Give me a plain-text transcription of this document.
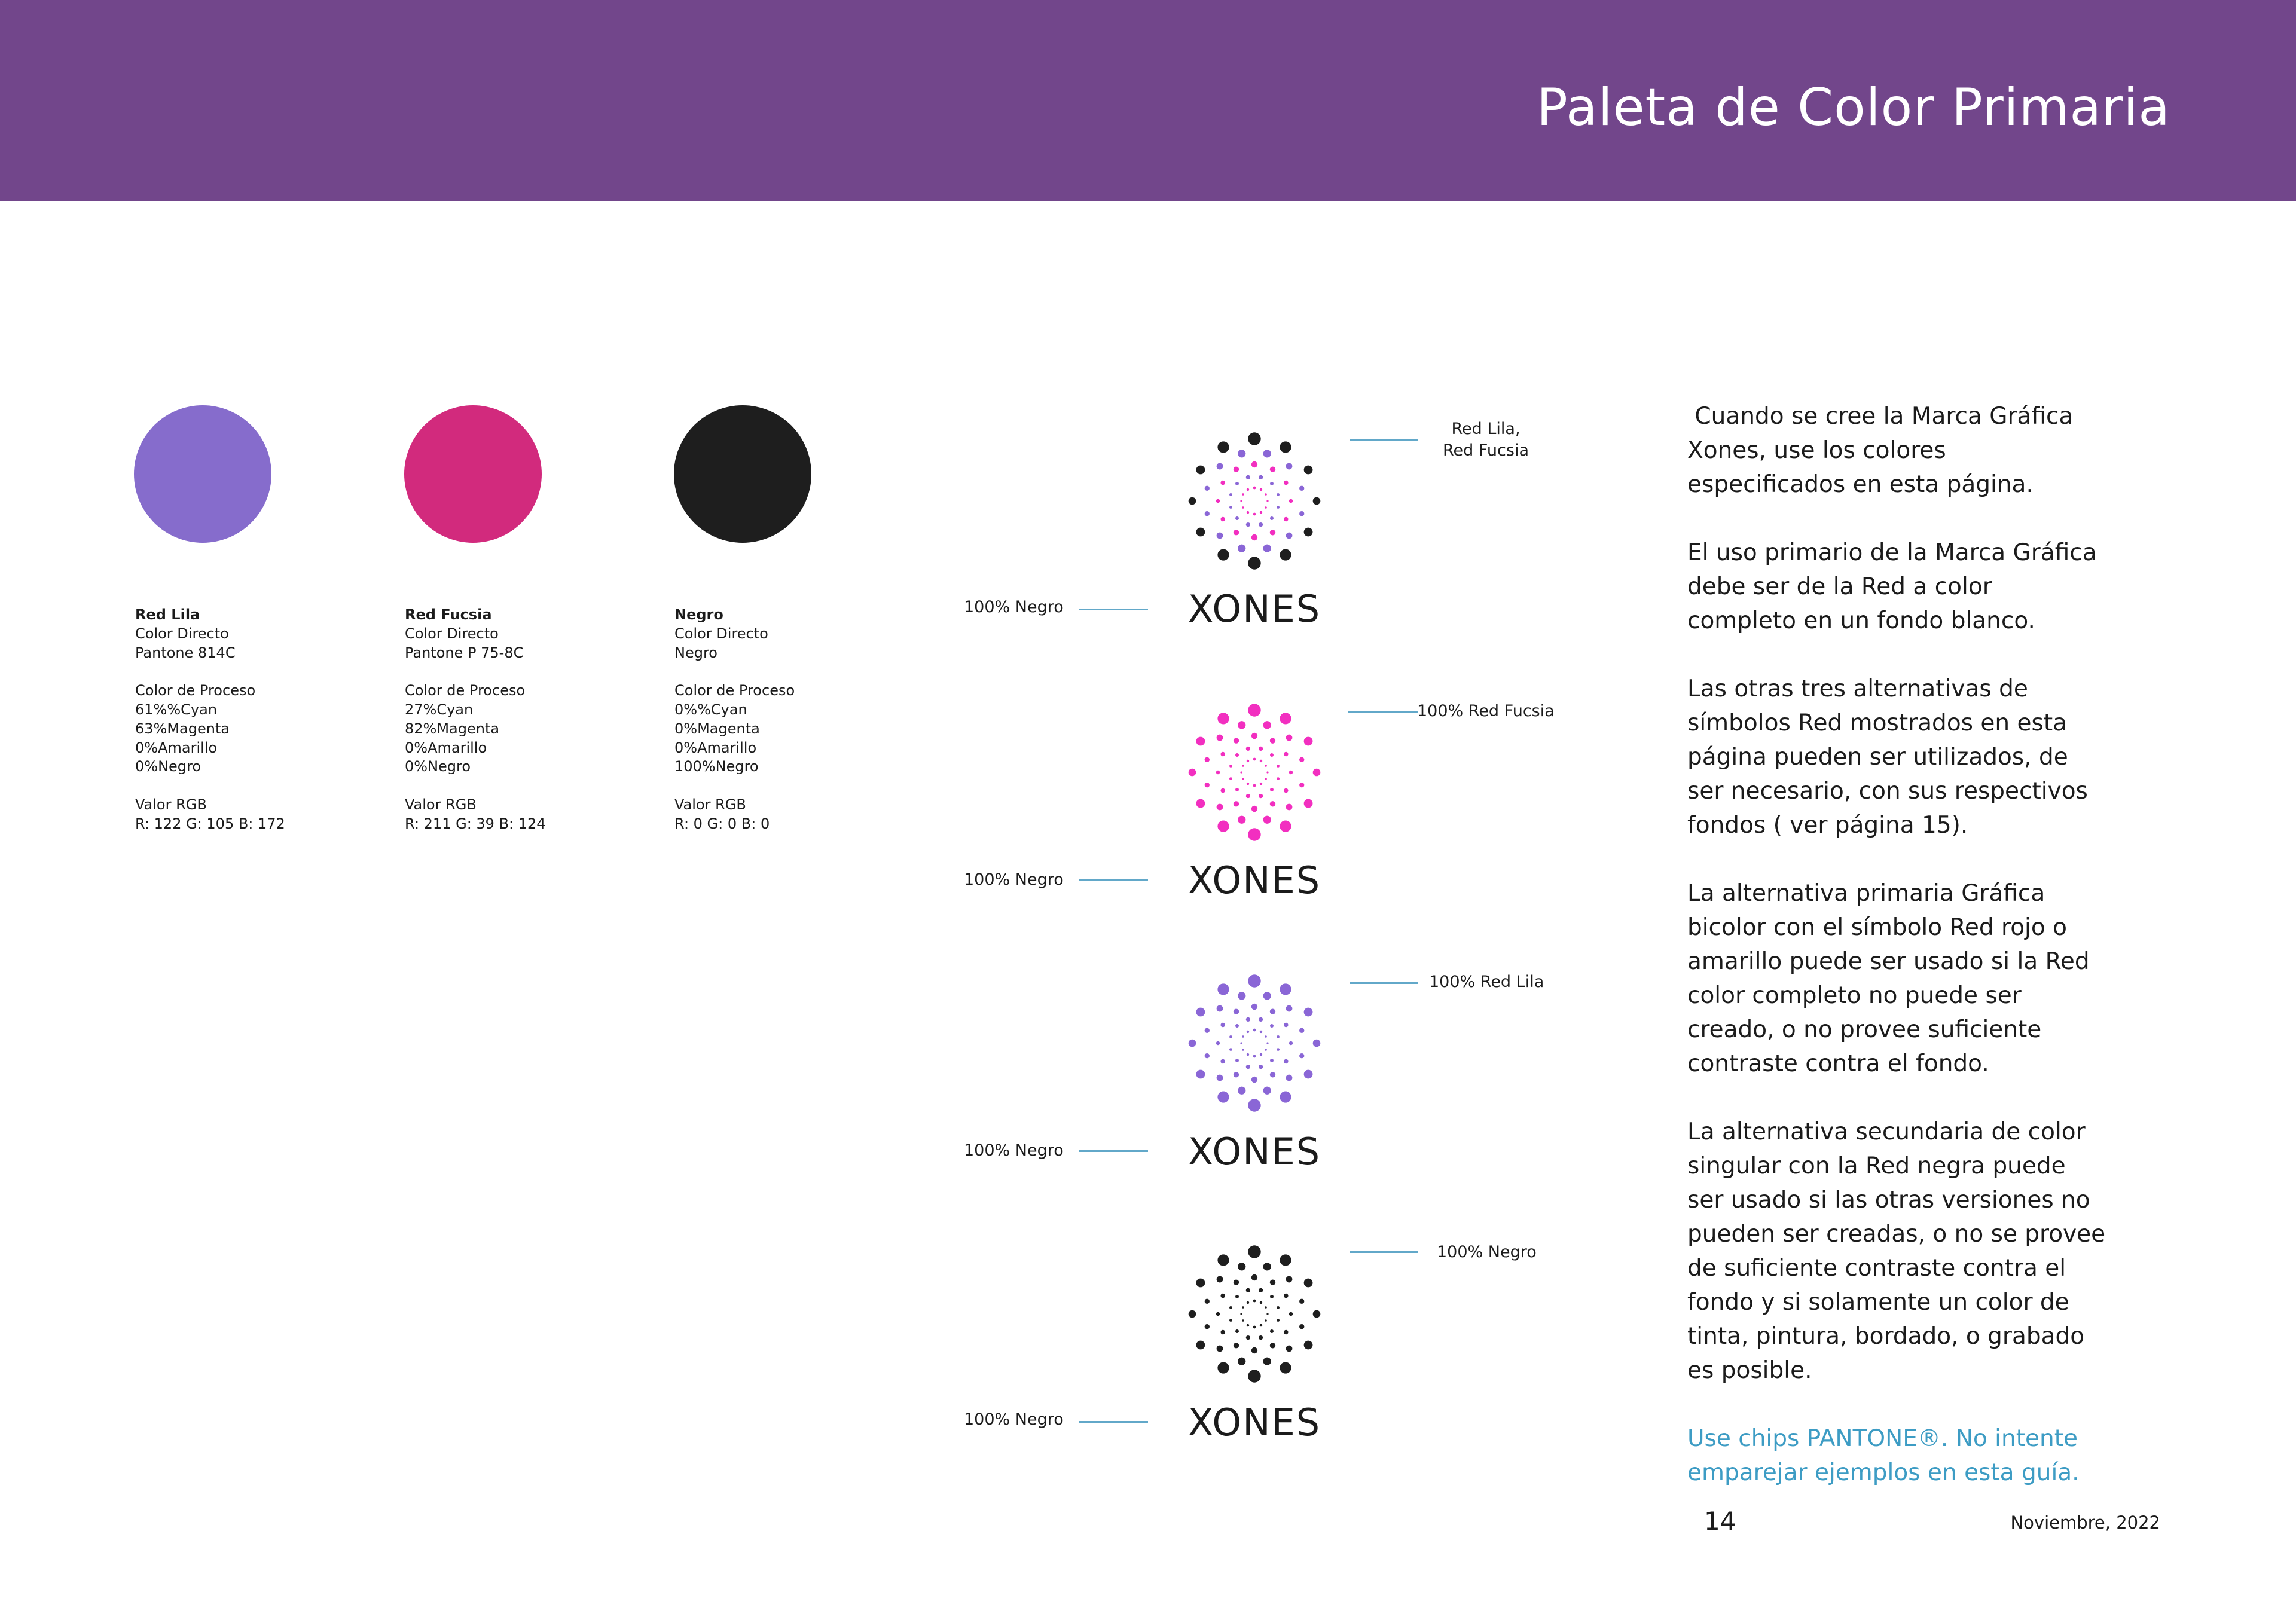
Paleta de Color Primaria
Red Lila
Color Directo
Pantone 814C
Color de Proceso
61%%Cyan
63%Magenta
0%Amarillo
0%Negro
Valor RGB
R: 122 G: 105 B: 172
Red Fucsia
Color Directo
Pantone P 75-8C
Color de Proceso
27%Cyan
82%Magenta
0%Amarillo
0%Negro
Valor RGB
R: 211 G: 39 B: 124
Negro
Color Directo
Negro
Color de Proceso
0%%Cyan
0%Magenta
0%Amarillo
100%Negro
Valor RGB
R: 0 G: 0 B: 0
Red Lila,
Red Fucsia
100% Negro	XONES
100% Red Fucsia
100% Negro	XONES
100% Red Lila
100% Negro	XONES
100% Negro
100% Negro	XONES

Cuando se cree la Marca Gráfica Xones, use los colores especificados en esta página.

El uso primario de la Marca Gráfica debe ser de la Red a color completo en un fondo blanco.

Las otras tres alternativas de símbolos Red mostrados en esta página pueden ser utilizados, de ser necesario, con sus respectivos fondos ( ver página 15).

La alternativa primaria Gráfica bicolor con el símbolo Red rojo o amarillo puede ser usado si la Red color completo no puede ser creado, o no provee suficiente contraste contra el fondo.

La alternativa secundaria de color singular con la Red negra puede ser usado si las otras versiones no pueden ser creadas, o no se provee de suficiente contraste contra el fondo y si solamente un color de tinta, pintura, bordado, o grabado es posible.

Use chips PANTONE®. No intente emparejar ejemplos en esta guía.

14	Noviembre, 2022
